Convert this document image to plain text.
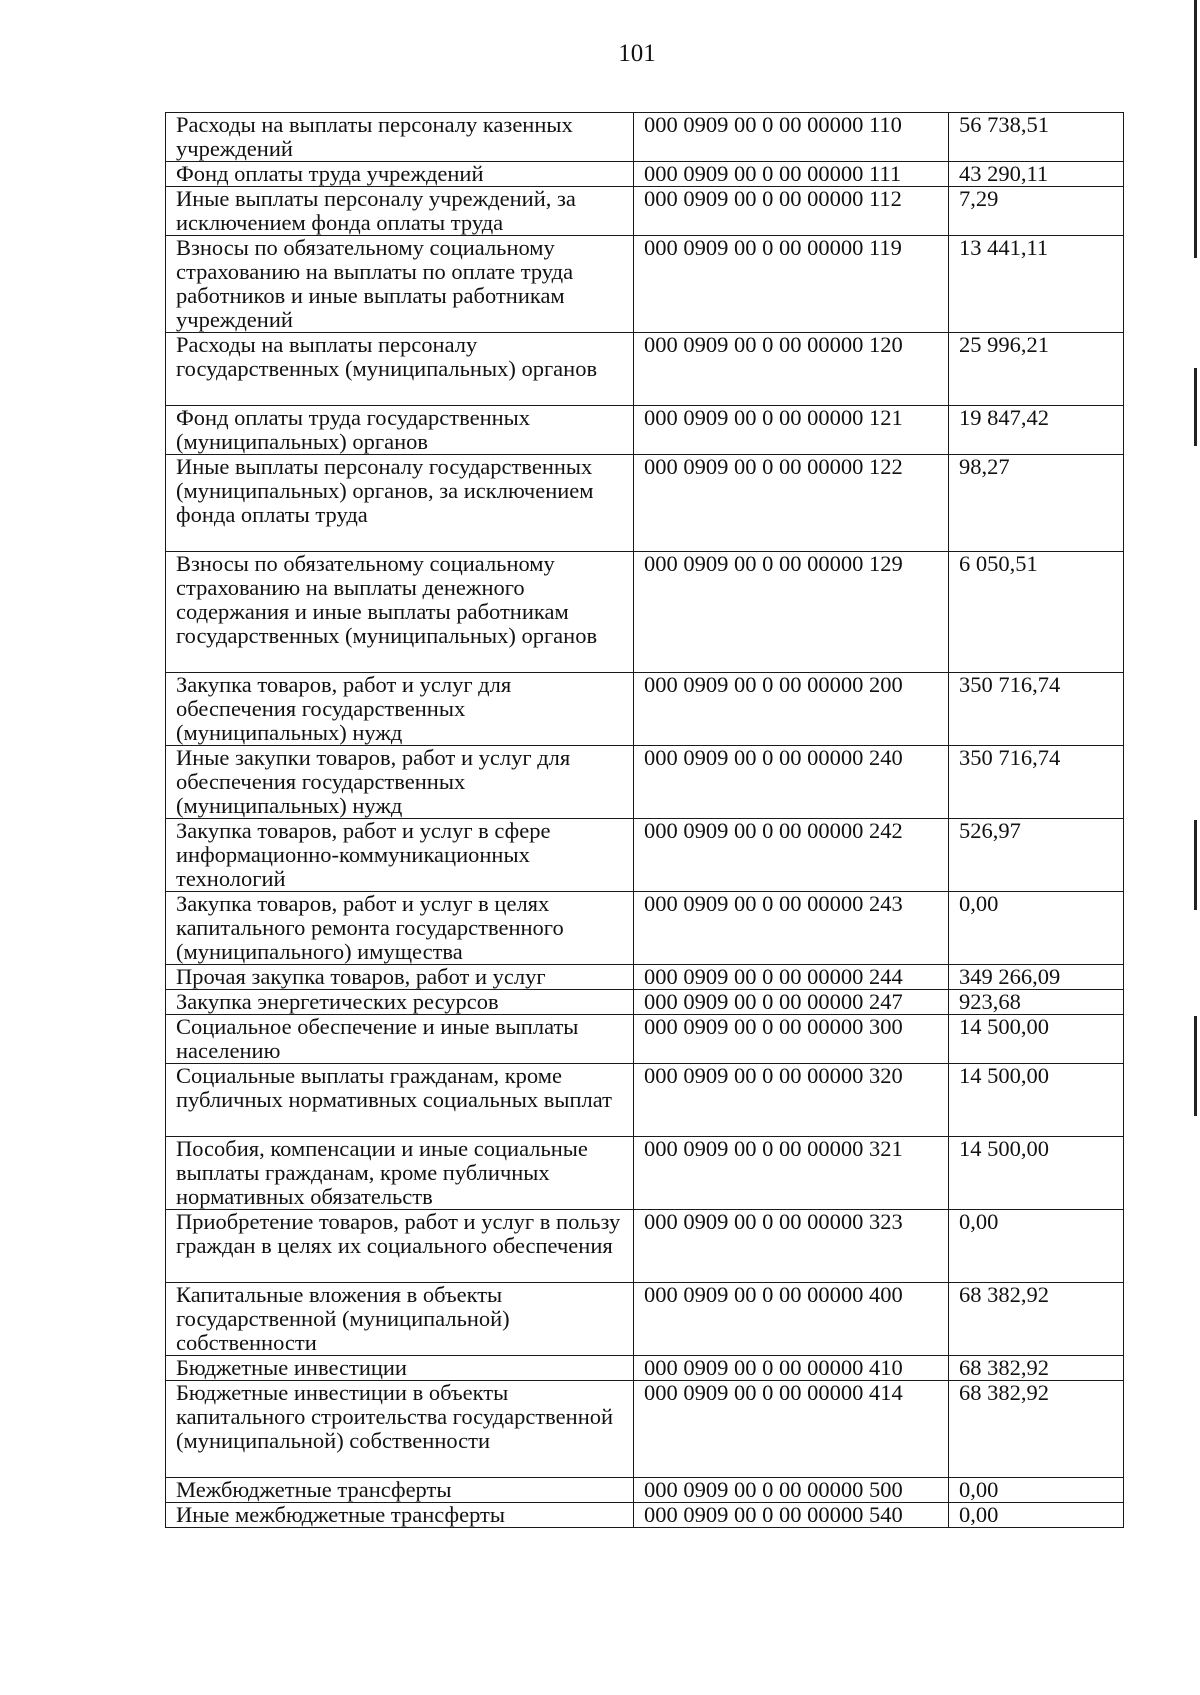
101
Расходы на выплаты персоналу казенных учреждений	000 0909 00 0 00 00000 110	56 738,51
Фонд оплаты труда учреждений	000 0909 00 0 00 00000 111	43 290,11
Иные выплаты персоналу учреждений, за исключением фонда оплаты труда	000 0909 00 0 00 00000 112	7,29
Взносы по обязательному социальному страхованию на выплаты по оплате труда работников и иные выплаты работникам учреждений	000 0909 00 0 00 00000 119	13 441,11
Расходы на выплаты персоналу государственных (муниципальных) органов	000 0909 00 0 00 00000 120	25 996,21
Фонд оплаты труда государственных (муниципальных) органов	000 0909 00 0 00 00000 121	19 847,42
Иные выплаты персоналу государственных (муниципальных) органов, за исключением фонда оплаты труда	000 0909 00 0 00 00000 122	98,27
Взносы по обязательному социальному страхованию на выплаты денежного содержания и иные выплаты работникам государственных (муниципальных) органов	000 0909 00 0 00 00000 129	6 050,51
Закупка товаров, работ и услуг для обеспечения государственных (муниципальных) нужд	000 0909 00 0 00 00000 200	350 716,74
Иные закупки товаров, работ и услуг для обеспечения государственных (муниципальных) нужд	000 0909 00 0 00 00000 240	350 716,74
Закупка товаров, работ и услуг в сфере информационно-коммуникационных технологий	000 0909 00 0 00 00000 242	526,97
Закупка товаров, работ и услуг в целях капитального ремонта государственного (муниципального) имущества	000 0909 00 0 00 00000 243	0,00
Прочая закупка товаров, работ и услуг	000 0909 00 0 00 00000 244	349 266,09
Закупка энергетических ресурсов	000 0909 00 0 00 00000 247	923,68
Социальное обеспечение и иные выплаты населению	000 0909 00 0 00 00000 300	14 500,00
Социальные выплаты гражданам, кроме публичных нормативных социальных выплат	000 0909 00 0 00 00000 320	14 500,00
Пособия, компенсации и иные социальные выплаты гражданам, кроме публичных нормативных обязательств	000 0909 00 0 00 00000 321	14 500,00
Приобретение товаров, работ и услуг в пользу граждан в целях их социального обеспечения	000 0909 00 0 00 00000 323	0,00
Капитальные вложения в объекты государственной (муниципальной) собственности	000 0909 00 0 00 00000 400	68 382,92
Бюджетные инвестиции	000 0909 00 0 00 00000 410	68 382,92
Бюджетные инвестиции в объекты капитального строительства государственной (муниципальной) собственности	000 0909 00 0 00 00000 414	68 382,92
Межбюджетные трансферты	000 0909 00 0 00 00000 500	0,00
Иные межбюджетные трансферты	000 0909 00 0 00 00000 540	0,00
